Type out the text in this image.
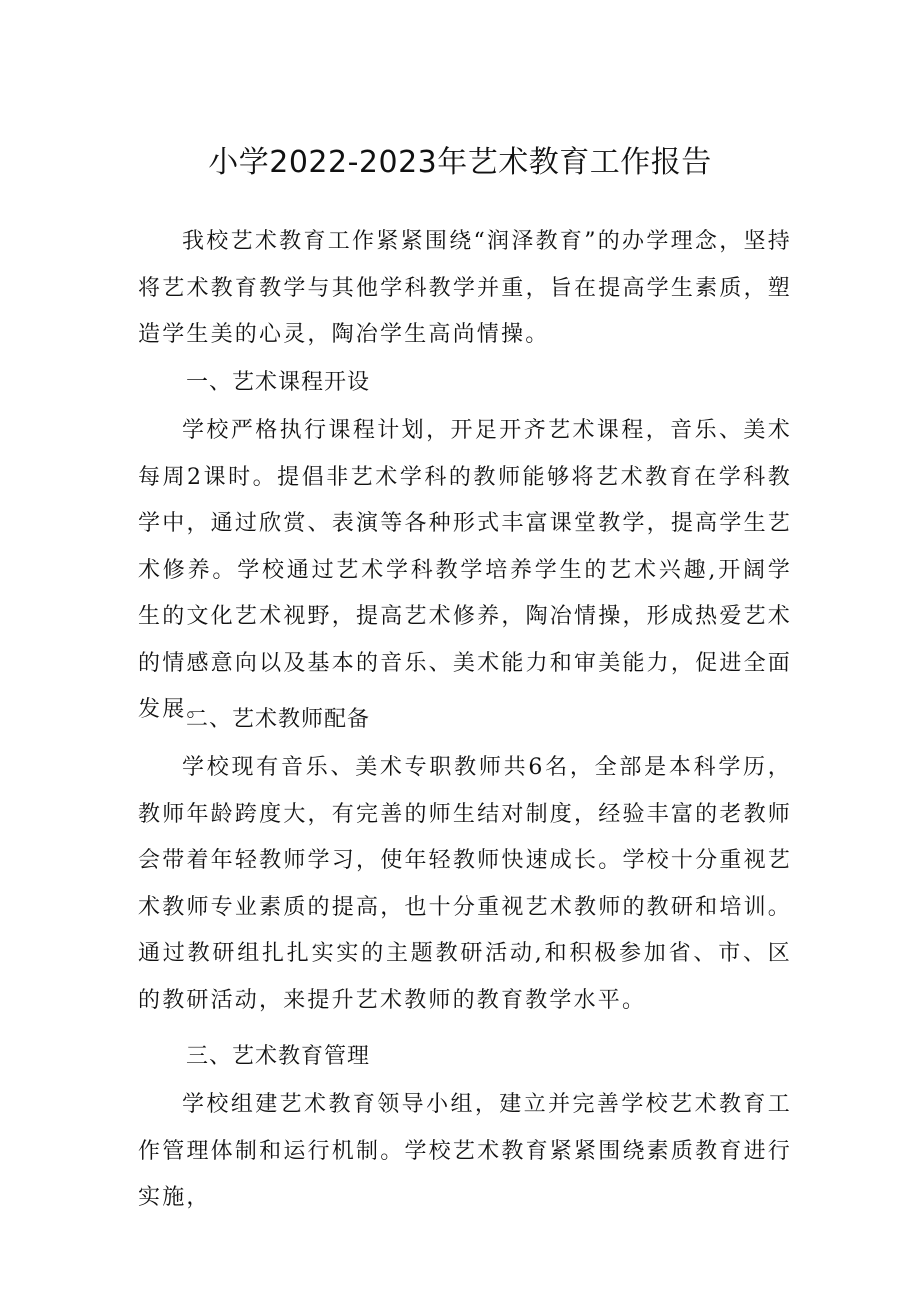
小学2022-2023年艺术教育工作报告

我校艺术教育工作紧紧围绕“润泽教育”的办学理念，坚持将艺术教育教学与其他学科教学并重，旨在提高学生素质，塑造学生美的心灵，陶冶学生高尚情操。

一、艺术课程开设

学校严格执行课程计划，开足开齐艺术课程，音乐、美术每周2课时。提倡非艺术学科的教师能够将艺术教育在学科教学中，通过欣赏、表演等各种形式丰富课堂教学，提高学生艺术修养。学校通过艺术学科教学培养学生的艺术兴趣,开阔学生的文化艺术视野，提高艺术修养，陶冶情操，形成热爱艺术的情感意向以及基本的音乐、美术能力和审美能力，促进全面发展。

二、艺术教师配备

学校现有音乐、美术专职教师共6名，全部是本科学历，教师年龄跨度大，有完善的师生结对制度，经验丰富的老教师会带着年轻教师学习，使年轻教师快速成长。学校十分重视艺术教师专业素质的提高，也十分重视艺术教师的教研和培训。通过教研组扎扎实实的主题教研活动,和积极参加省、市、区的教研活动，来提升艺术教师的教育教学水平。

三、艺术教育管理

学校组建艺术教育领导小组，建立并完善学校艺术教育工作管理体制和运行机制。学校艺术教育紧紧围绕素质教育进行实施，
